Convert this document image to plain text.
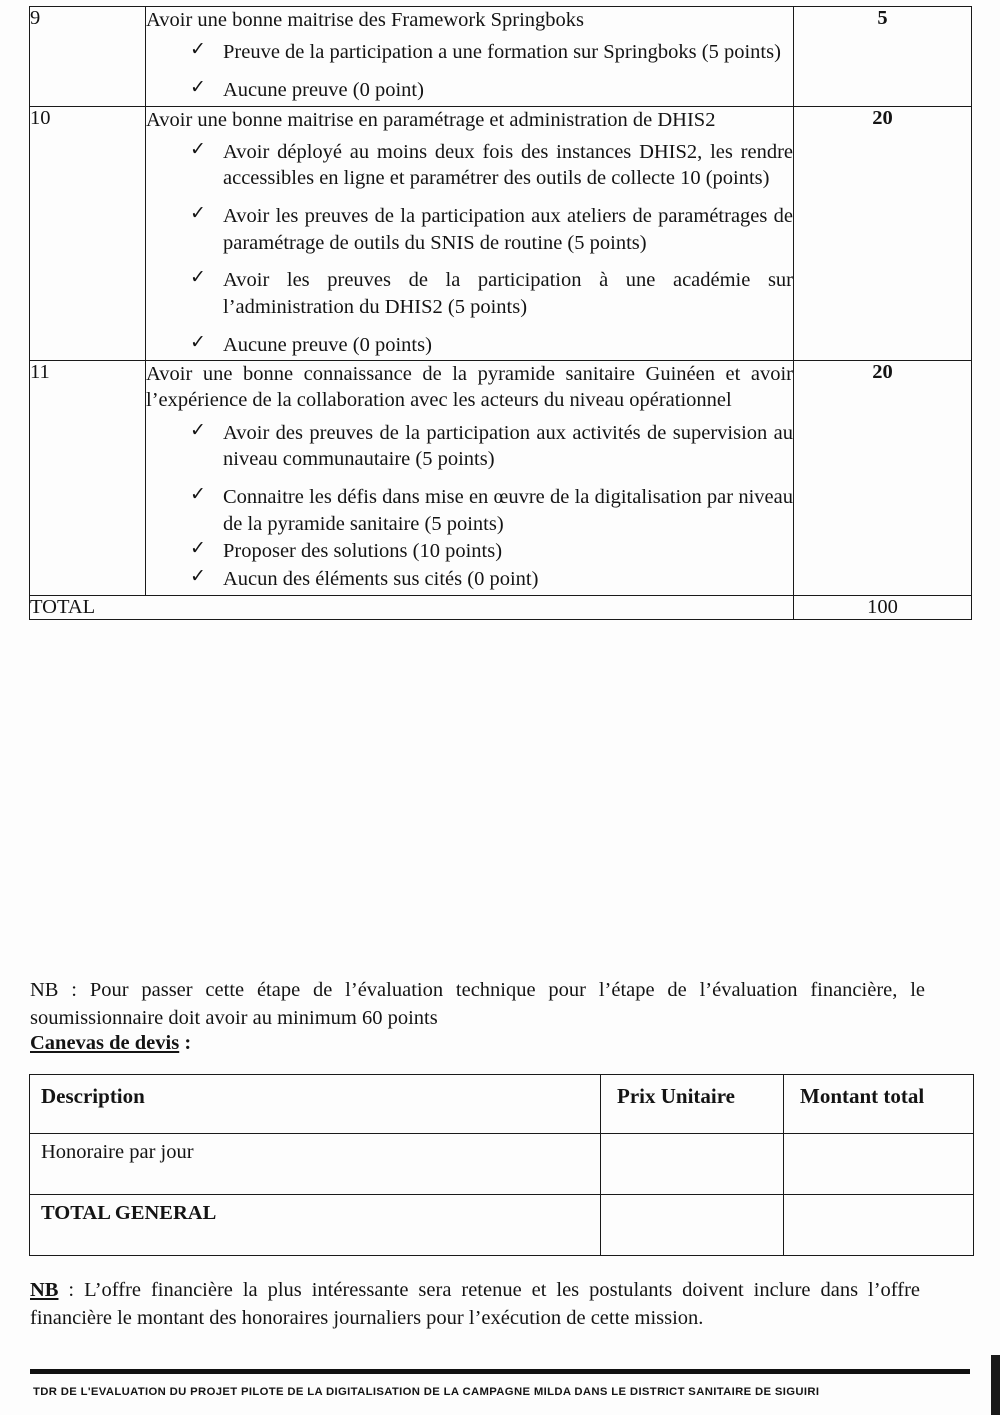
9	Avoir une bonne maitrise des Framework Springboks

✓ Preuve de la participation a une formation sur Springboks (5 points)
✓ Aucune preuve (0 point)
	5
10	Avoir une bonne maitrise en paramétrage et administration de DHIS2

✓ Avoir déployé au moins deux fois des instances DHIS2, les rendre accessibles en ligne et paramétrer des outils de collecte 10 (points)
✓ Avoir les preuves de la participation aux ateliers de paramétrages de paramétrage de outils du SNIS de routine (5 points)
✓ Avoir les preuves de la participation à une académie sur l’administration du DHIS2 (5 points)
✓ Aucune preuve (0 points)
	20
11	Avoir une bonne connaissance de la pyramide sanitaire Guinéen et avoir l’expérience de la collaboration avec les acteurs du niveau opérationnel

✓ Avoir des preuves de la participation aux activités de supervision au niveau communautaire (5 points)
✓ Connaitre les défis dans mise en œuvre de la digitalisation par niveau de la pyramide sanitaire (5 points)
✓ Proposer des solutions (10 points)
✓ Aucun des éléments sus cités (0 point)
	20
TOTAL		100

NB : Pour passer cette étape de l’évaluation technique pour l’étape de l’évaluation financière, le soumissionnaire doit avoir au minimum 60 points

Canevas de devis :
Description	Prix Unitaire	Montant total
Honoraire par jour		
TOTAL GENERAL		

NB : L’offre financière la plus intéressante sera retenue et les postulants doivent inclure dans l’offre financière le montant des honoraires journaliers pour l’exécution de cette mission.

TDR DE L'EVALUATION DU PROJET PILOTE DE LA DIGITALISATION DE LA CAMPAGNE MILDA DANS LE DISTRICT SANITAIRE DE SIGUIRI
